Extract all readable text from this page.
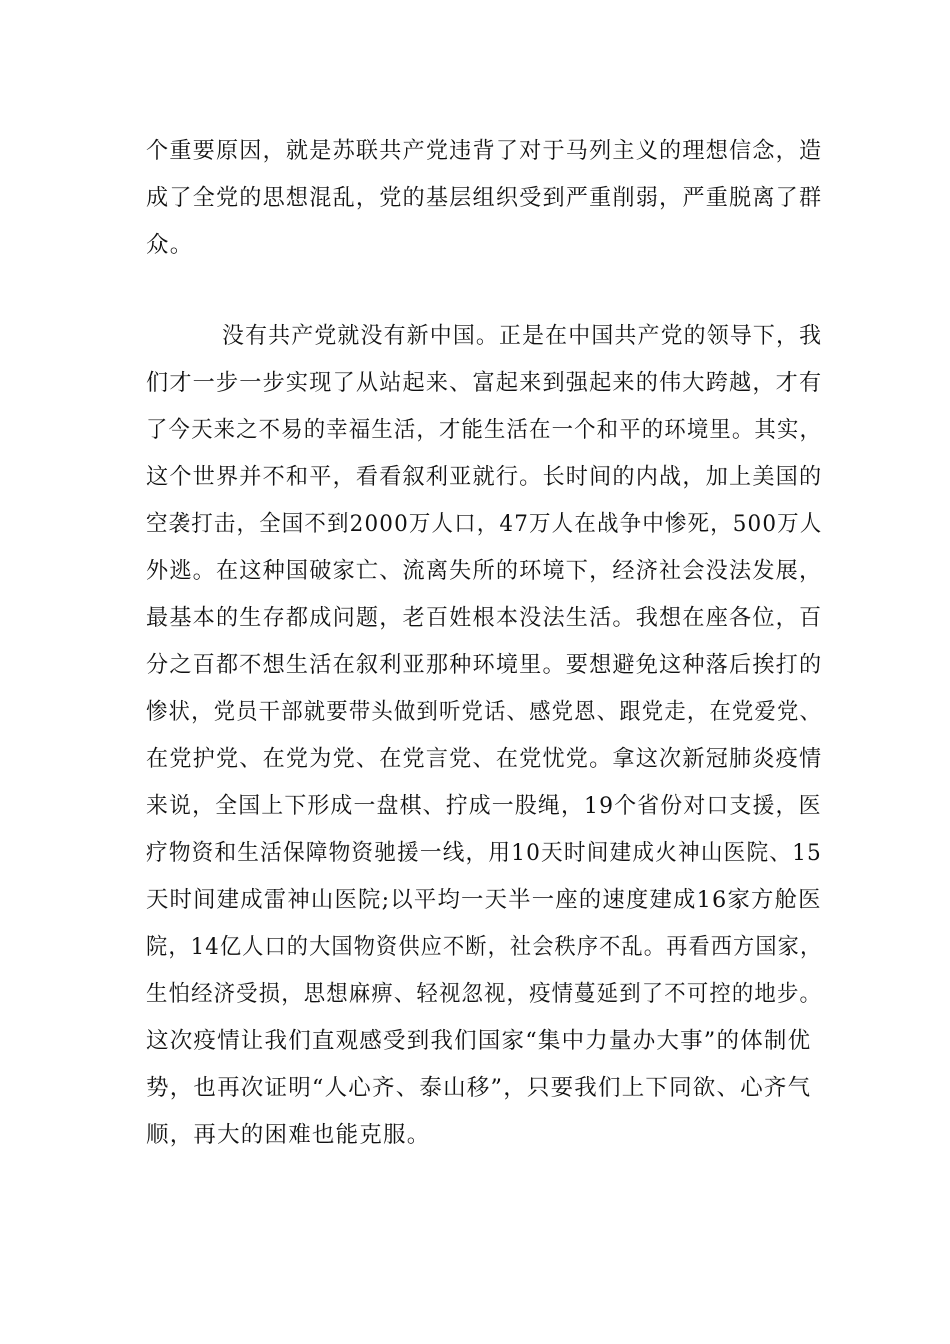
个重要原因，就是苏联共产党违背了对于马列主义的理想信念，造
成了全党的思想混乱，党的基层组织受到严重削弱，严重脱离了群
众。
没有共产党就没有新中国。正是在中国共产党的领导下，我
们才一步一步实现了从站起来、富起来到强起来的伟大跨越，才有
了今天来之不易的幸福生活，才能生活在一个和平的环境里。其实，
这个世界并不和平，看看叙利亚就行。长时间的内战，加上美国的
空袭打击，全国不到2000万人口，47万人在战争中惨死，500万人
外逃。在这种国破家亡、流离失所的环境下，经济社会没法发展，
最基本的生存都成问题，老百姓根本没法生活。我想在座各位，百
分之百都不想生活在叙利亚那种环境里。要想避免这种落后挨打的
惨状，党员干部就要带头做到听党话、感党恩、跟党走，在党爱党、
在党护党、在党为党、在党言党、在党忧党。拿这次新冠肺炎疫情
来说，全国上下形成一盘棋、拧成一股绳，19个省份对口支援，医
疗物资和生活保障物资驰援一线，用10天时间建成火神山医院、15
天时间建成雷神山医院;以平均一天半一座的速度建成16家方舱医
院，14亿人口的大国物资供应不断，社会秩序不乱。再看西方国家，
生怕经济受损，思想麻痹、轻视忽视，疫情蔓延到了不可控的地步。
这次疫情让我们直观感受到我们国家“集中力量办大事”的体制优
势，也再次证明“人心齐、泰山移”，只要我们上下同欲、心齐气
顺，再大的困难也能克服。
